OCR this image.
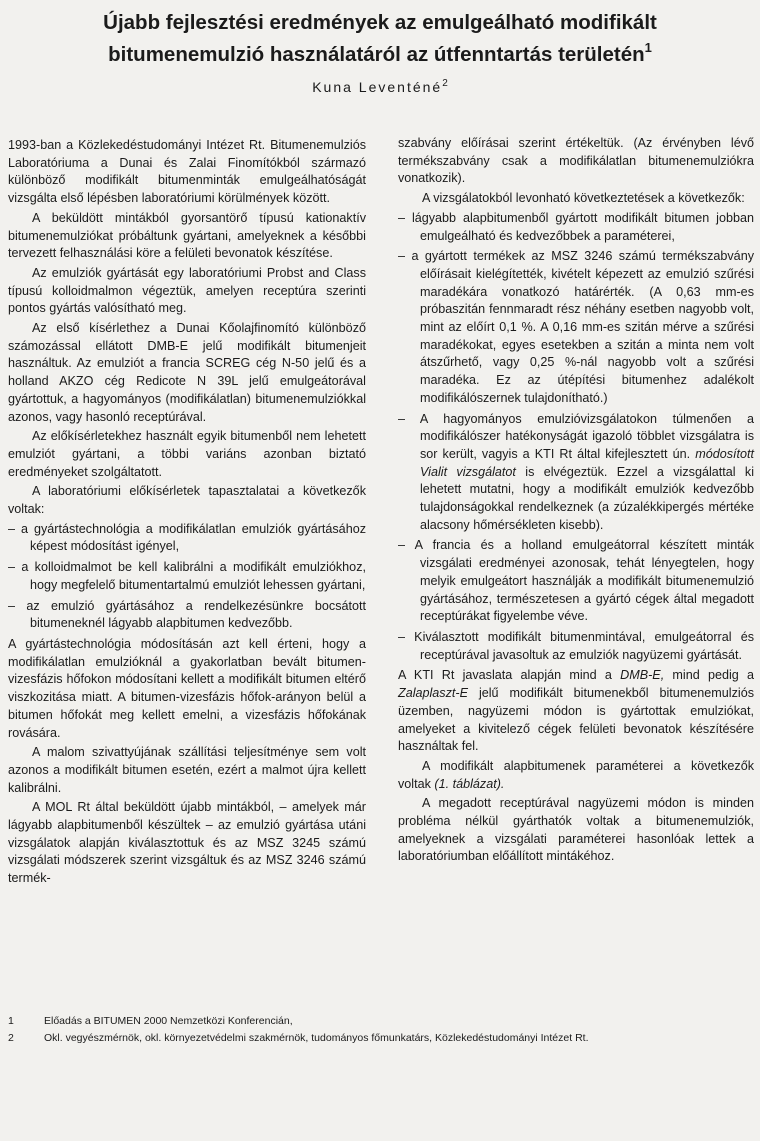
Újabb fejlesztési eredmények az emulgeálható modifikált
bitumenemulzió használatáról az útfenntartás területén$^1$
Kuna Leventéné$^2$

1993-ban a Közlekedéstudományi Intézet Rt. Bitumenemulziós Laboratóriuma a Dunai és Zalai Finomítókból származó különböző modifikált bitumenminták emulgeálhatóságát vizsgálta első lépésben laboratóriumi körülmények között.

A beküldött mintákból gyorsantörő típusú kationaktív bitumenemulziókat próbáltunk gyártani, amelyeknek a későbbi tervezett felhasználási köre a felületi bevonatok készítése.

Az emulziók gyártását egy laboratóriumi Probst and Class típusú kolloidmalmon végeztük, amelyen receptúra szerinti pontos gyártás valósítható meg.

Az első kísérlethez a Dunai Kőolajfinomító különböző számozással ellátott DMB-E jelű modifikált bitumenjeit használtuk. Az emulziót a francia SCREG cég N-50 jelű és a holland AKZO cég Redicote N 39L jelű emulgeátorával gyártottuk, a hagyományos (modifikálatlan) bitumenemulziókkal azonos, vagy hasonló receptúrával.

Az előkísérletekhez használt egyik bitumenből nem lehetett emulziót gyártani, a többi variáns azonban biztató eredményeket szolgáltatott.

A laboratóriumi előkísérletek tapasztalatai a következők voltak:

– a gyártástechnológia a modifikálatlan emulziók gyártásához képest módosítást igényel,

– a kolloidmalmot be kell kalibrálni a modifikált emulziókhoz, hogy megfelelő bitumentartalmú emulziót lehessen gyártani,

– az emulzió gyártásához a rendelkezésünkre bocsátott bitumeneknél lágyabb alapbitumen kedvezőbb.

A gyártástechnológia módosításán azt kell érteni, hogy a modifikálatlan emulzióknál a gyakorlatban bevált bitumen-vizesfázis hőfokon módosítani kellett a modifikált bitumen eltérő viszkozitása miatt. A bitumen-vizesfázis hőfok-arányon belül a bitumen hőfokát meg kellett emelni, a vizesfázis hőfokának rovására.

A malom szivattyújának szállítási teljesítménye sem volt azonos a modifikált bitumen esetén, ezért a malmot újra kellett kalibrálni.

A MOL Rt által beküldött újabb mintákból, – amelyek már lágyabb alapbitumenből készültek – az emulzió gyártása utáni vizsgálatok alapján kiválasztottuk és az MSZ 3245 számú vizsgálati módszerek szerint vizsgáltuk és az MSZ 3246 számú termék-

szabvány előírásai szerint értékeltük. (Az érvényben lévő termékszabvány csak a modifikálatlan bitumenemulziókra vonatkozik).

A vizsgálatokból levonható következtetések a következők:

– lágyabb alapbitumenből gyártott modifikált bitumen jobban emulgeálható és kedvezőbbek a paraméterei,

– a gyártott termékek az MSZ 3246 számú termékszabvány előírásait kielégítették, kivételt képezett az emulzió szűrési maradékára vonatkozó határérték. (A 0,63 mm-es próbaszitán fennmaradt rész néhány esetben nagyobb volt, mint az előírt 0,1 %. A 0,16 mm-es szitán mérve a szűrési maradékokat, egyes esetekben a szitán a minta nem volt átszűrhető, vagy 0,25 %-nál nagyobb volt a szűrési maradéka. Ez az útépítési bitumenhez adalékolt modifikálószernek tulajdonítható.)

– A hagyományos emulzióvizsgálatokon túlmenően a modifikálószer hatékonyságát igazoló többlet vizsgálatra is sor került, vagyis a KTI Rt által kifejlesztett ún. módosított Vialit vizsgálatot is elvégeztük. Ezzel a vizsgálattal ki lehetett mutatni, hogy a modifikált emulziók kedvezőbb tulajdonságokkal rendelkeznek (a zúzalékkipergés mértéke alacsony hőmérsékleten kisebb).

– A francia és a holland emulgeátorral készített minták vizsgálati eredményei azonosak, tehát lényegtelen, hogy melyik emulgeátort használják a modifikált bitumenemulzió gyártásához, természetesen a gyártó cégek által megadott receptúrákat figyelembe véve.

– Kiválasztott modifikált bitumenmintával, emulgeátorral és receptúrával javasoltuk az emulziók nagyüzemi gyártását.

A KTI Rt javaslata alapján mind a DMB-E, mind pedig a Zalaplaszt-E jelű modifikált bitumenekből bitumenemulziós üzemben, nagyüzemi módon is gyártottak emulziókat, amelyeket a kivitelező cégek felületi bevonatok készítésére használtak fel.

A modifikált alapbitumenek paraméterei a következők voltak (1. táblázat).

A megadott receptúrával nagyüzemi módon is minden probléma nélkül gyárthatók voltak a bitumenemulziók, amelyeknek a vizsgálati paraméterei hasonlóak lettek a laboratóriumban előállított mintákéhoz.

1	Előadás a BITUMEN 2000 Nemzetközi Konferencián,
2	Okl. vegyészmérnök, okl. környezetvédelmi szakmérnök, tudományos főmunkatárs, Közlekedéstudományi Intézet Rt.
